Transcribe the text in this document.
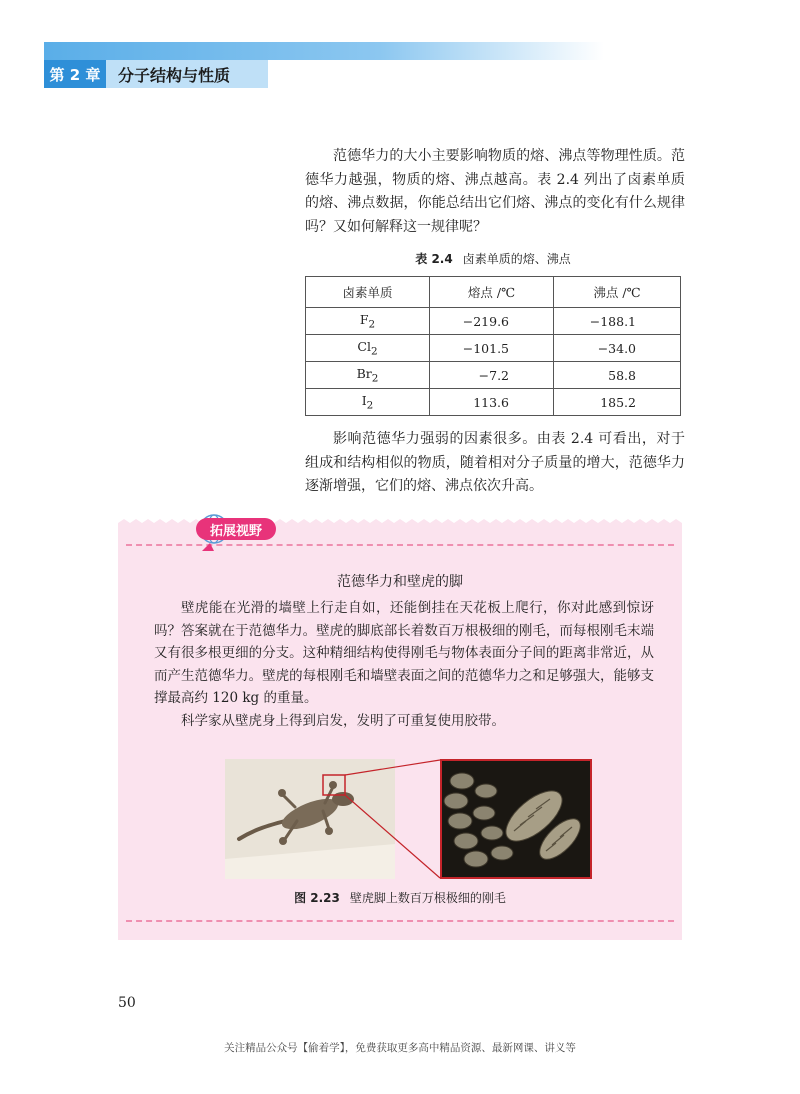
第 2 章	分子结构与性质

范德华力的大小主要影响物质的熔、沸点等物理性质。范德华力越强，物质的熔、沸点越高。表 2.4 列出了卤素单质的熔、沸点数据，你能总结出它们熔、沸点的变化有什么规律吗？又如何解释这一规律呢？

表 2.4 卤素单质的熔、沸点
卤素单质	熔点 /℃	沸点 /℃
$F_2$	−219.6	−188.1
$Cl_2$	−101.5	−34.0
$Br_2$	−7.2	58.8
$I_2$	113.6	185.2

影响范德华力强弱的因素很多。由表 2.4 可看出，对于组成和结构相似的物质，随着相对分子质量的增大，范德华力逐渐增强，它们的熔、沸点依次升高。

拓展视野
范德华力和壁虎的脚

壁虎能在光滑的墙壁上行走自如，还能倒挂在天花板上爬行，你对此感到惊讶吗？答案就在于范德华力。壁虎的脚底部长着数百万根极细的刚毛，而每根刚毛末端又有很多根更细的分支。这种精细结构使得刚毛与物体表面分子间的距离非常近，从而产生范德华力。壁虎的每根刚毛和墙壁表面之间的范德华力之和足够强大，能够支撑最高约 120 kg 的重量。

科学家从壁虎身上得到启发，发明了可重复使用胶带。

图 2.23 壁虎脚上数百万根极细的刚毛
50
关注精品公众号【偷着学】，免费获取更多高中精品资源、最新网课、讲义等
